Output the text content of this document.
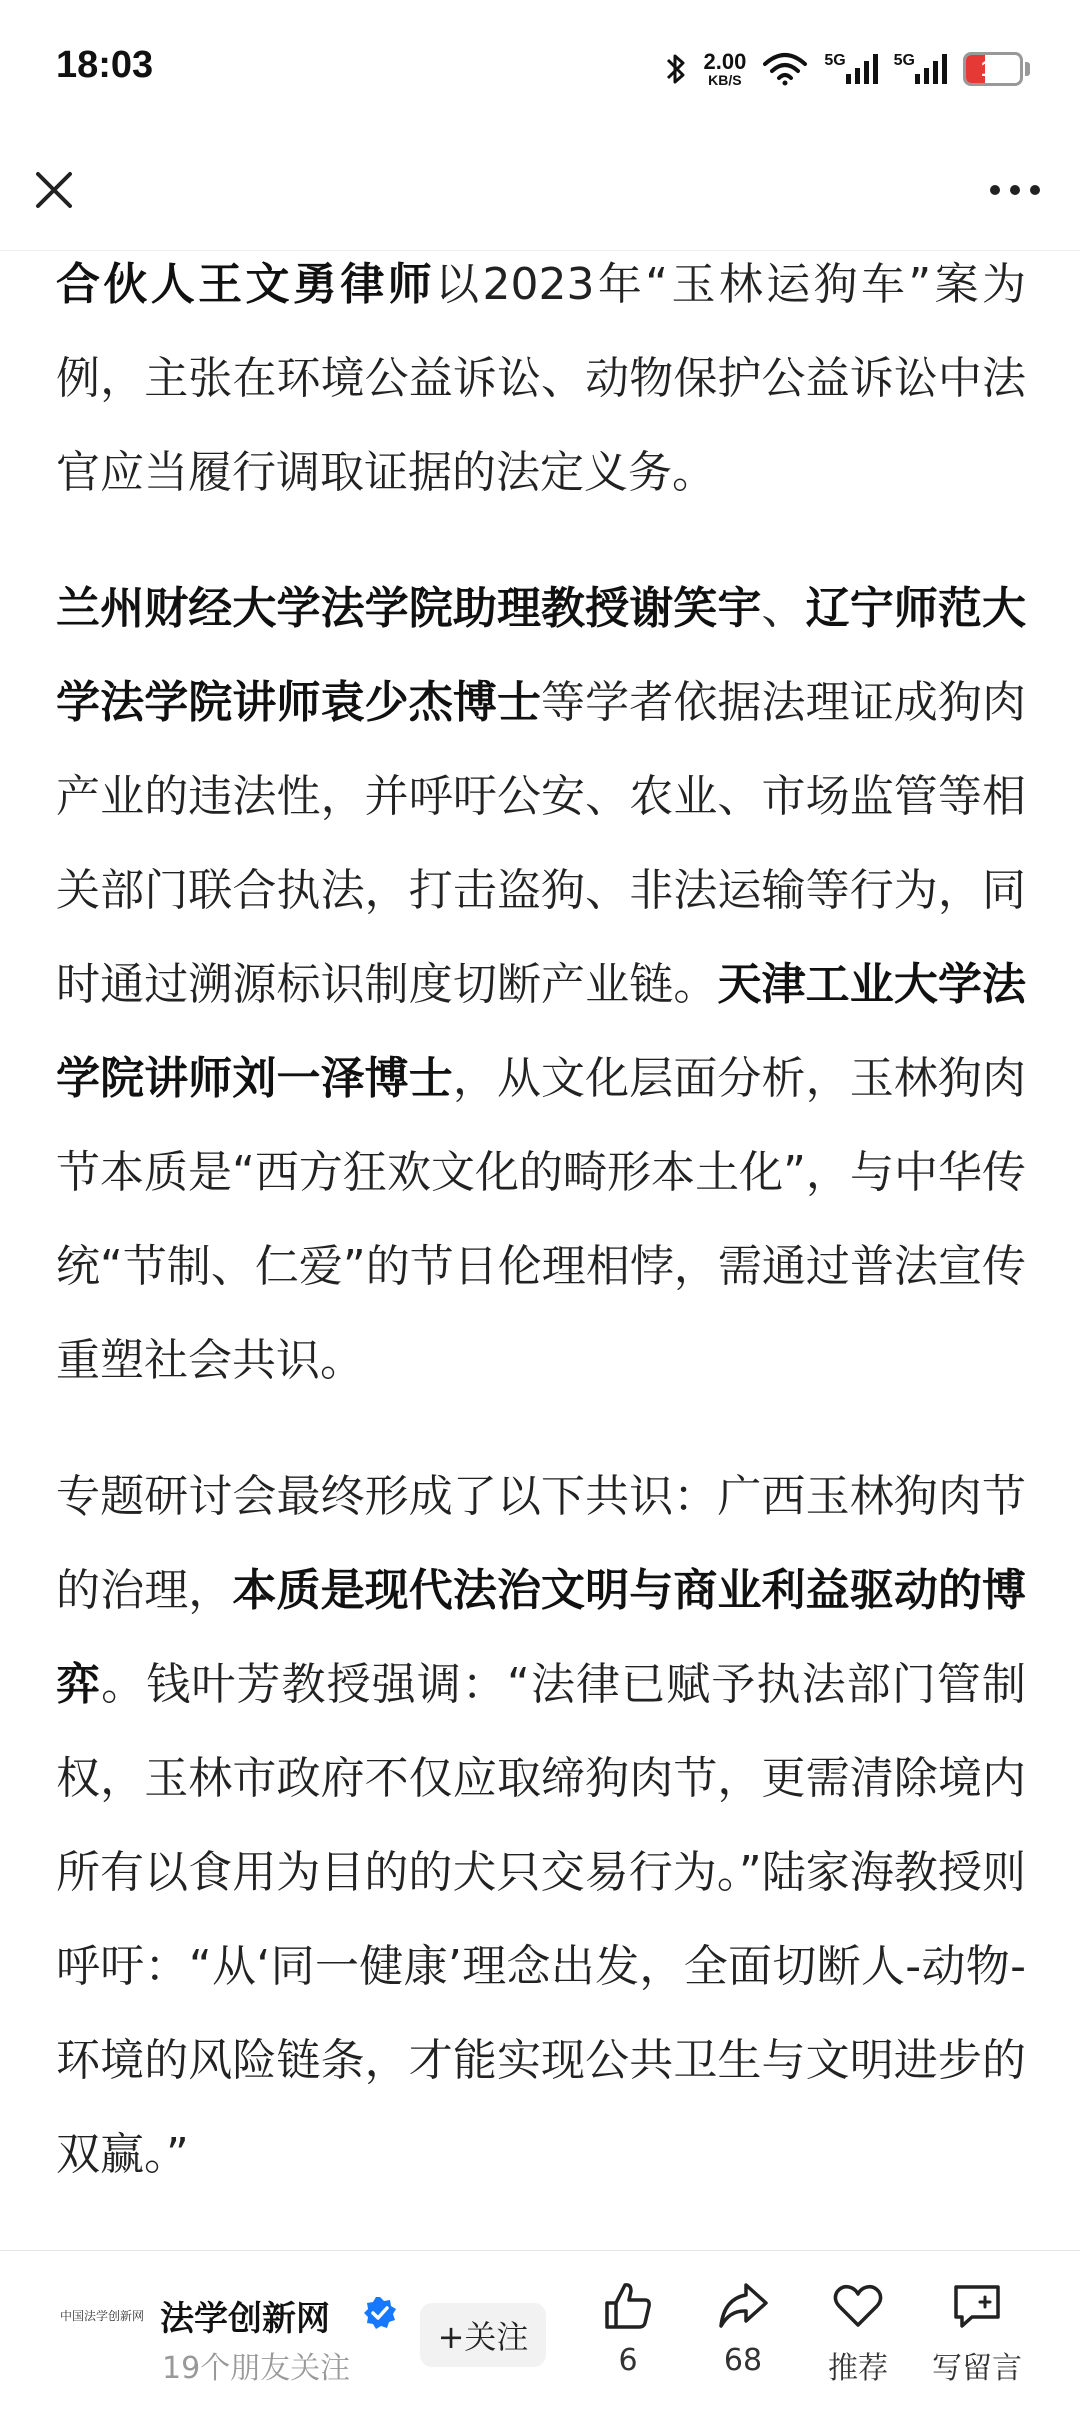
18:03	2.00
KB/S
5G	5G	12

合伙人王文勇律师以2023年“玉林运狗车”案为例，主张在环境公益诉讼、动物保护公益诉讼中法官应当履行调取证据的法定义务。

兰州财经大学法学院助理教授谢笑宇、辽宁师范大学法学院讲师袁少杰博士等学者依据法理证成狗肉产业的违法性，并呼吁公安、农业、市场监管等相关部门联合执法，打击盗狗、非法运输等行为，同时通过溯源标识制度切断产业链。天津工业大学法学院讲师刘一泽博士，从文化层面分析，玉林狗肉节本质是“西方狂欢文化的畸形本土化”，与中华传统“节制、仁爱”的节日伦理相悖，需通过普法宣传重塑社会共识。

专题研讨会最终形成了以下共识：广西玉林狗肉节的治理，本质是现代法治文明与商业利益驱动的博弈。钱叶芳教授强调：“法律已赋予执法部门管制权，玉林市政府不仅应取缔狗肉节，更需清除境内所有以食用为目的的犬只交易行为。”陆家海教授则呼吁：“从‘同一健康’理念出发，全面切断人-动物-环境的风险链条，才能实现公共卫生与文明进步的双赢。”

中国法学创新网 法学创新网
19个朋友关注
+关注
6	68 推荐 写留言
